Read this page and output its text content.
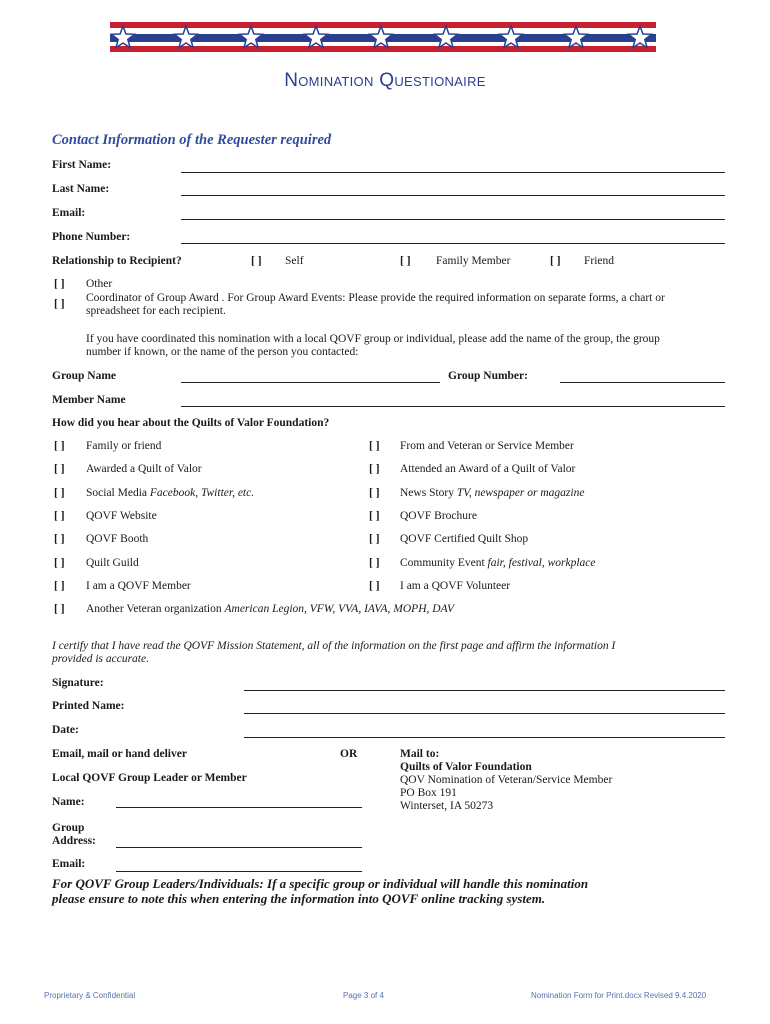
Nomination Questionaire
Contact Information of the Requester required
First Name:
Last Name:
Email:
Phone Number:
Relationship to Recipient?	[ ] Self	[ ] Family Member	[ ] Friend
[ ] Other
[ ] Coordinator of Group Award . For Group Award Events: Please provide the required information on separate forms, a chart or
spreadsheet for each recipient.
If you have coordinated this nomination with a local QOVF group or individual, please add the name of the group, the group
number if known, or the name of the person you contacted:
Group Name	Group Number:
Member Name
How did you hear about the Quilts of Valor Foundation?
[ ] Family or friend
[ ] Awarded a Quilt of Valor
[ ] Social Media Facebook, Twitter, etc.
[ ] QOVF Website
[ ] QOVF Booth
[ ] Quilt Guild
[ ] I am a QOVF Member
[ ] Another Veteran organization American Legion, VFW, VVA, IAVA, MOPH, DAV
[ ] From and Veteran or Service Member
[ ] Attended an Award of a Quilt of Valor
[ ] News Story TV, newspaper or magazine
[ ] QOVF Brochure
[ ] QOVF Certified Quilt Shop
[ ] Community Event fair, festival, workplace
[ ] I am a QOVF Volunteer
I certify that I have read the QOVF Mission Statement, all of the information on the first page and affirm the information I
provided is accurate.
Signature:
Printed Name:
Date:
Email, mail or hand deliver	OR
Local QOVF Group Leader or Member
Name:
Group
Address:
Email:
Mail to:
Quilts of Valor Foundation
QOV Nomination of Veteran/Service Member
PO Box 191
Winterset, IA 50273
For QOVF Group Leaders/Individuals: If a specific group or individual will handle this nomination
please ensure to note this when entering the information into QOVF online tracking system.
Proprietary & Confidential	Page 3 of 4	Nomination Form for Print.docx Revised 9.4.2020
